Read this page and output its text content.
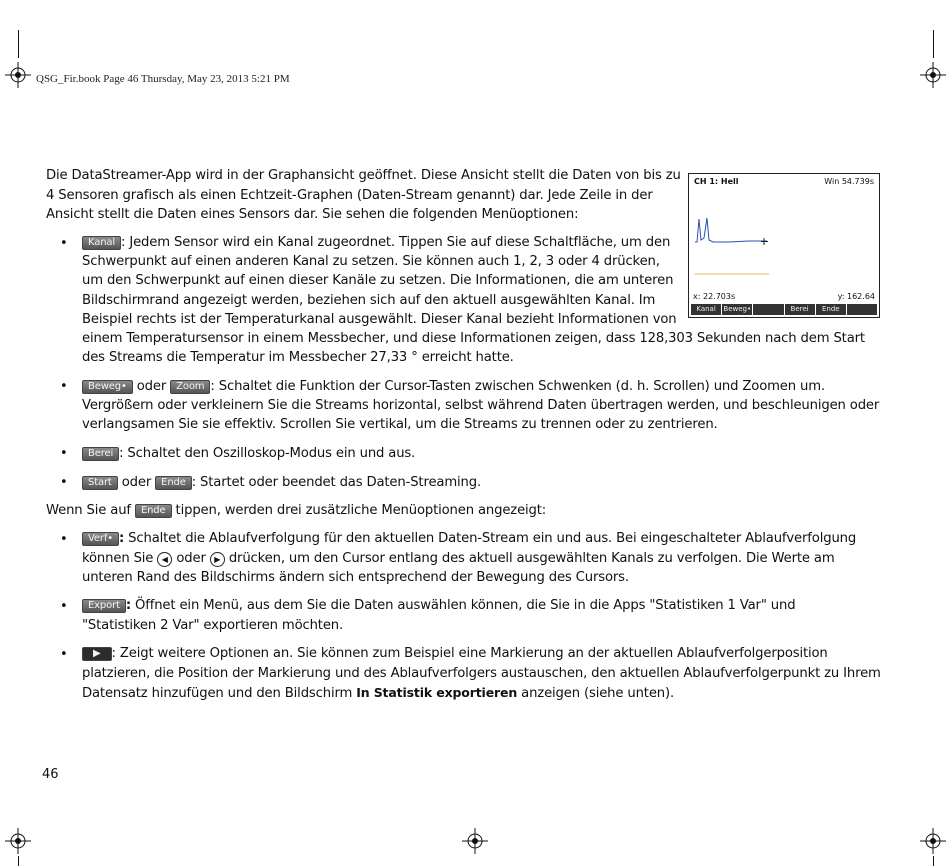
QSG_Fir.book Page 46 Thursday, May 23, 2013 5:21 PM

Die DataStreamer-App wird in der Graphansicht geöffnet. Diese Ansicht stellt die Daten von bis zu

4 Sensoren grafisch als einen Echtzeit-Graphen (Daten-Stream genannt) dar. Jede Zeile in der

Ansicht stellt die Daten eines Sensors dar. Sie sehen die folgenden Menüoptionen:

•	Kanal : Jedem Sensor wird ein Kanal zugeordnet. Tippen Sie auf diese Schaltfläche, um den

Schwerpunkt auf einen anderen Kanal zu setzen. Sie können auch 1, 2, 3 oder 4 drücken,

um den Schwerpunkt auf einen dieser Kanäle zu setzen. Die Informationen, die am unteren

Bildschirmrand angezeigt werden, beziehen sich auf den aktuell ausgewählten Kanal. Im

Beispiel rechts ist der Temperaturkanal ausgewählt. Dieser Kanal bezieht Informationen von

einem Temperatursensor in einem Messbecher, und diese Informationen zeigen, dass 128,303 Sekunden nach dem Start

des Streams die Temperatur im Messbecher 27,33 ° erreicht hatte.

•	Beweg• oder Zoom : Schaltet die Funktion der Cursor-Tasten zwischen Schwenken (d. h. Scrollen) und Zoomen um.

Vergrößern oder verkleinern Sie die Streams horizontal, selbst während Daten übertragen werden, und beschleunigen oder

verlangsamen Sie sie effektiv. Scrollen Sie vertikal, um die Streams zu trennen oder zu zentrieren.

•	Berei : Schaltet den Oszilloskop-Modus ein und aus.

•	Start oder Ende : Startet oder beendet das Daten-Streaming.

Wenn Sie auf Ende tippen, werden drei zusätzliche Menüoptionen angezeigt:

•	Verf• : Schaltet die Ablaufverfolgung für den aktuellen Daten-Stream ein und aus. Bei eingeschalteter Ablaufverfolgung

können Sie ◀ oder ▶ drücken, um den Cursor entlang des aktuell ausgewählten Kanals zu verfolgen. Die Werte am

unteren Rand des Bildschirms ändern sich entsprechend der Bewegung des Cursors.

•	Export : Öffnet ein Menü, aus dem Sie die Daten auswählen können, die Sie in die Apps "Statistiken 1 Var" und

"Statistiken 2 Var" exportieren möchten.

•	▶ : Zeigt weitere Optionen an. Sie können zum Beispiel eine Markierung an der aktuellen Ablaufverfolgerposition

platzieren, die Position der Markierung und des Ablaufverfolgers austauschen, den aktuellen Ablaufverfolgerpunkt zu Ihrem

Datensatz hinzufügen und den Bildschirm In Statistik exportieren anzeigen (siehe unten).

CH 1: Hell	Win 54.739s
x: 22.703s	y: 162.64
Kanal	Beweg•	Berei	Ende
46
